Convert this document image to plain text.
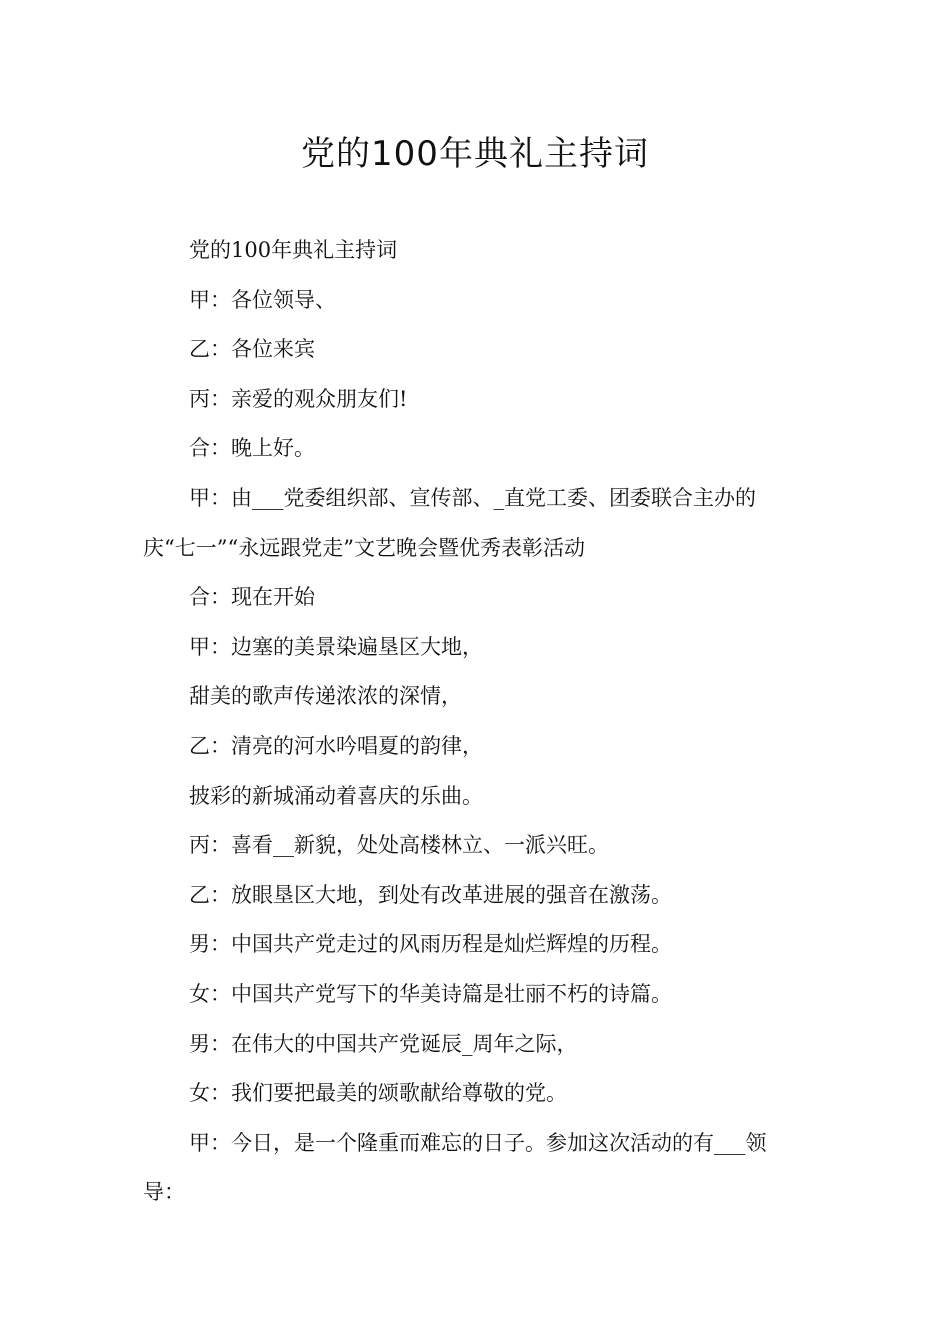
党的100年典礼主持词
党的100年典礼主持词
甲：各位领导、
乙：各位来宾
丙：亲爱的观众朋友们!
合：晚上好。
甲：由___党委组织部、宣传部、_直党工委、团委联合主办的
庆“七一”“永远跟党走”文艺晚会暨优秀表彰活动
合：现在开始
甲：边塞的美景染遍垦区大地，
甜美的歌声传递浓浓的深情，
乙：清亮的河水吟唱夏的韵律，
披彩的新城涌动着喜庆的乐曲。
丙：喜看__新貌，处处高楼林立、一派兴旺。
乙：放眼垦区大地，到处有改革进展的强音在激荡。
男：中国共产党走过的风雨历程是灿烂辉煌的历程。
女：中国共产党写下的华美诗篇是壮丽不朽的诗篇。
男：在伟大的中国共产党诞辰_周年之际，
女：我们要把最美的颂歌献给尊敬的党。
甲：今日，是一个隆重而难忘的日子。参加这次活动的有___领
导：
